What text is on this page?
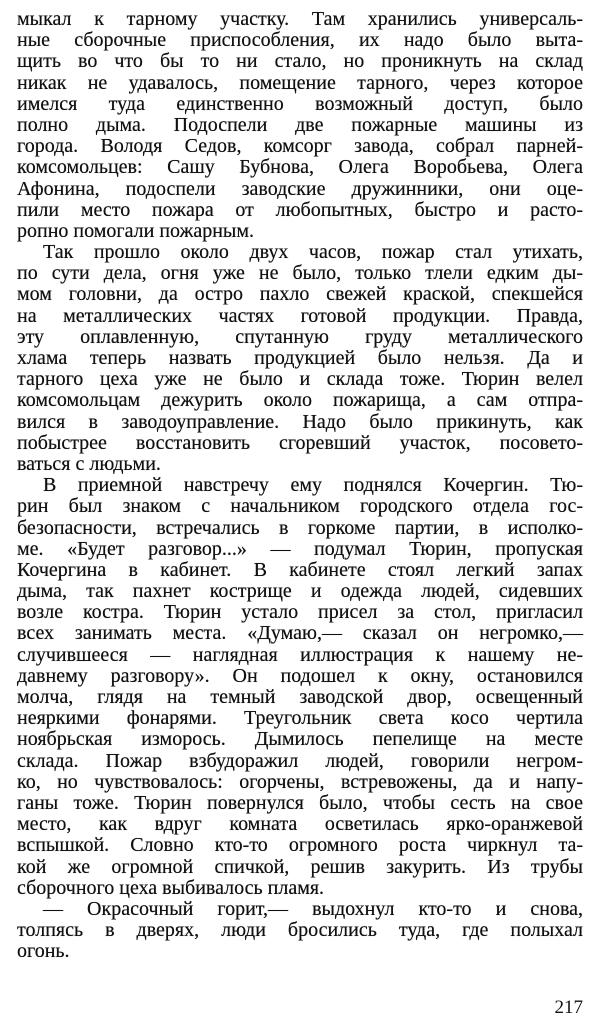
мыкал к тарному участку. Там хранились универсаль-
ные сборочные приспособления, их надо было выта-
щить во что бы то ни стало, но проникнуть на склад
никак не удавалось, помещение тарного, через которое
имелся туда единственно возможный доступ, было
полно дыма. Подоспели две пожарные машины из
города. Володя Седов, комсорг завода, собрал парней-
комсомольцев: Сашу Бубнова, Олега Воробьева, Олега
Афонина, подоспели заводские дружинники, они оце-
пили место пожара от любопытных, быстро и расто-
ропно помогали пожарным.
Так прошло около двух часов, пожар стал утихать,
по сути дела, огня уже не было, только тлели едким ды-
мом головни, да остро пахло свежей краской, спекшейся
на металлических частях готовой продукции. Правда,
эту оплавленную, спутанную груду металлического
хлама теперь назвать продукцией было нельзя. Да и
тарного цеха уже не было и склада тоже. Тюрин велел
комсомольцам дежурить около пожарища, а сам отпра-
вился в заводоуправление. Надо было прикинуть, как
побыстрее восстановить сгоревший участок, посовето-
ваться с людьми.
В приемной навстречу ему поднялся Кочергин. Тю-
рин был знаком с начальником городского отдела гос-
безопасности, встречались в горкоме партии, в исполко-
ме. «Будет разговор...» — подумал Тюрин, пропуская
Кочергина в кабинет. В кабинете стоял легкий запах
дыма, так пахнет кострище и одежда людей, сидевших
возле костра. Тюрин устало присел за стол, пригласил
всех занимать места. «Думаю,— сказал он негромко,—
случившееся — наглядная иллюстрация к нашему не-
давнему разговору». Он подошел к окну, остановился
молча, глядя на темный заводской двор, освещенный
неяркими фонарями. Треугольник света косо чертила
ноябрьская изморось. Дымилось пепелище на месте
склада. Пожар взбудоражил людей, говорили негром-
ко, но чувствовалось: огорчены, встревожены, да и напу-
ганы тоже. Тюрин повернулся было, чтобы сесть на свое
место, как вдруг комната осветилась ярко-оранжевой
вспышкой. Словно кто-то огромного роста чиркнул та-
кой же огромной спичкой, решив закурить. Из трубы
сборочного цеха выбивалось пламя.
— Окрасочный горит,— выдохнул кто-то и снова,
толпясь в дверях, люди бросились туда, где полыхал
огонь.
217
